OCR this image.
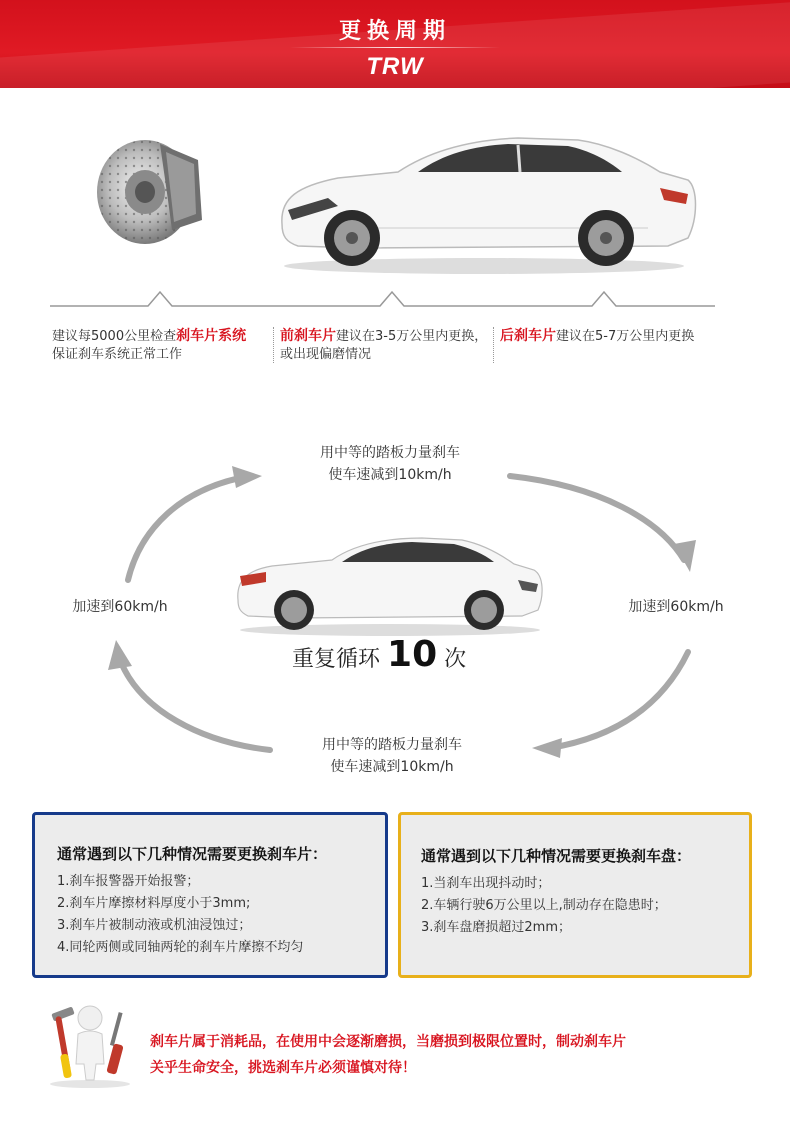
更换周期
TRW
建议每5000公里检查刹车片系统
保证刹车系统正常工作
前刹车片建议在3-5万公里内更换，或出现偏磨情况
后刹车片建议在5-7万公里内更换
用中等的踏板力量刹车
使车速减到10km/h
用中等的踏板力量刹车
使车速减到10km/h
加速到60km/h	加速到60km/h
重复循环 10 次
通常遇到以下几种情况需要更换刹车片：
1.刹车报警器开始报警；
2.刹车片摩擦材料厚度小于3mm;
3.刹车片被制动液或机油浸蚀过；
4.同轮两侧或同轴两轮的刹车片摩擦不均匀
通常遇到以下几种情况需要更换刹车盘：
1.当刹车出现抖动时；
2.车辆行驶6万公里以上,制动存在隐患时；
3.刹车盘磨损超过2mm；
刹车片属于消耗品，在使用中会逐渐磨损，当磨损到极限位置时，制动刹车片
关乎生命安全，挑选刹车片必须谨慎对待！
